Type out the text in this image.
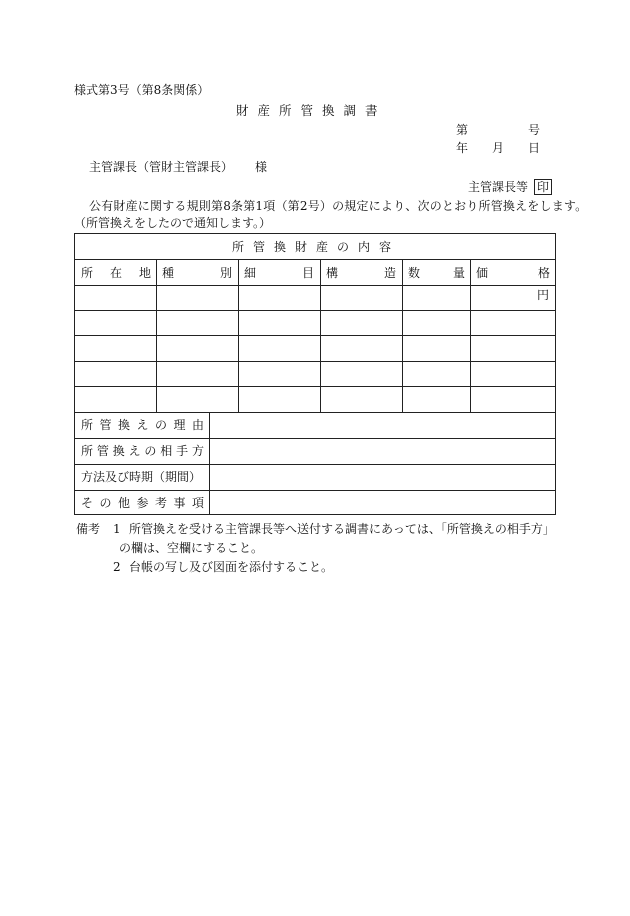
様式第3号（第8条関係）
財産所管換調書
第	号
年 月 日
主管課長（管財主管課長） 様
主管課長等 印
公有財産に関する規則第8条第1項（第2号）の規定により、次のとおり所管換えをします。
（所管換えをしたので通知します。）
所管換財産の内容
所在地 種別 細目 構造 数量 価格
円
所管換えの理由
所管換えの相手方
方法及び時期（期間）
その他参考事項
備考 1 所管換えを受ける主管課長等へ送付する調書にあっては、「所管換えの相手方」
の欄は、空欄にすること。
2 台帳の写し及び図面を添付すること。
